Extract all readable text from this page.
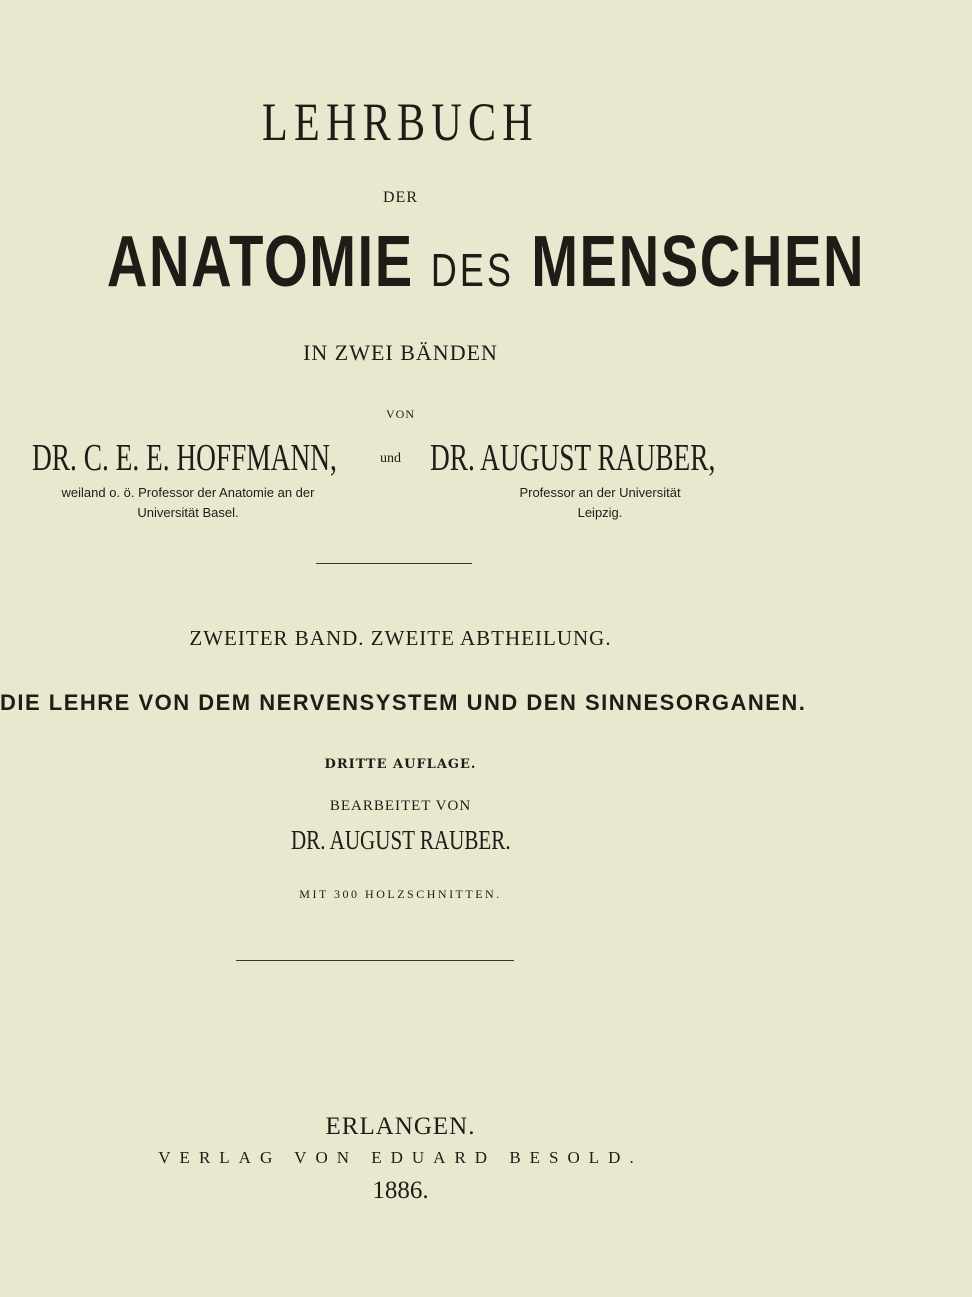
LEHRBUCH
DER
ANATOMIE DES MENSCHEN
IN ZWEI BÄNDEN
VON
DR. C. E. E. HOFFMANN,	und DR. AUGUST RAUBER,
weiland o. ö. Professor der Anatomie an der
Universität Basel.
Professor an der Universität
Leipzig.
ZWEITER BAND. ZWEITE ABTHEILUNG.
DIE LEHRE VON DEM NERVENSYSTEM UND DEN SINNESORGANEN.
DRITTE AUFLAGE.
BEARBEITET VON
DR. AUGUST RAUBER.
MIT 300 HOLZSCHNITTEN.
ERLANGEN.
VERLAG VON EDUARD BESOLD.
1886.
